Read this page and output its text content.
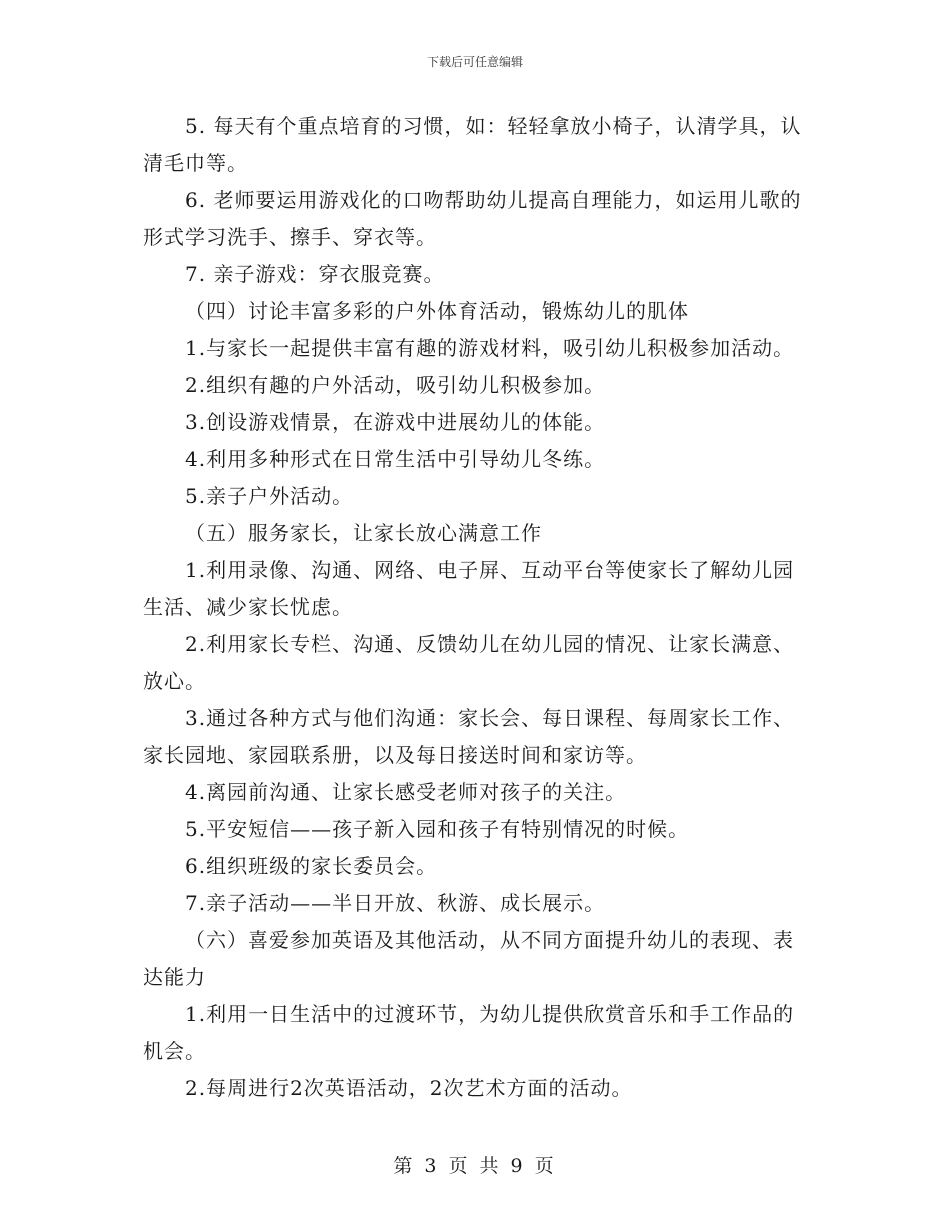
下载后可任意编辑

5. 每天有个重点培育的习惯，如：轻轻拿放小椅子，认清学具，认清毛巾等。

6. 老师要运用游戏化的口吻帮助幼儿提高自理能力，如运用儿歌的形式学习洗手、擦手、穿衣等。

7. 亲子游戏：穿衣服竞赛。

（四）讨论丰富多彩的户外体育活动，锻炼幼儿的肌体

1.与家长一起提供丰富有趣的游戏材料，吸引幼儿积极参加活动。

2.组织有趣的户外活动，吸引幼儿积极参加。

3.创设游戏情景，在游戏中进展幼儿的体能。

4.利用多种形式在日常生活中引导幼儿冬练。

5.亲子户外活动。

（五）服务家长，让家长放心满意工作

1.利用录像、沟通、网络、电子屏、互动平台等使家长了解幼儿园生活、减少家长忧虑。

2.利用家长专栏、沟通、反馈幼儿在幼儿园的情况、让家长满意、放心。

3.通过各种方式与他们沟通：家长会、每日课程、每周家长工作、家长园地、家园联系册，以及每日接送时间和家访等。

4.离园前沟通、让家长感受老师对孩子的关注。

5.平安短信——孩子新入园和孩子有特别情况的时候。

6.组织班级的家长委员会。

7.亲子活动——半日开放、秋游、成长展示。

（六）喜爱参加英语及其他活动，从不同方面提升幼儿的表现、表达能力

1.利用一日生活中的过渡环节，为幼儿提供欣赏音乐和手工作品的机会。

2.每周进行2次英语活动，2次艺术方面的活动。

第 3 页 共 9 页
